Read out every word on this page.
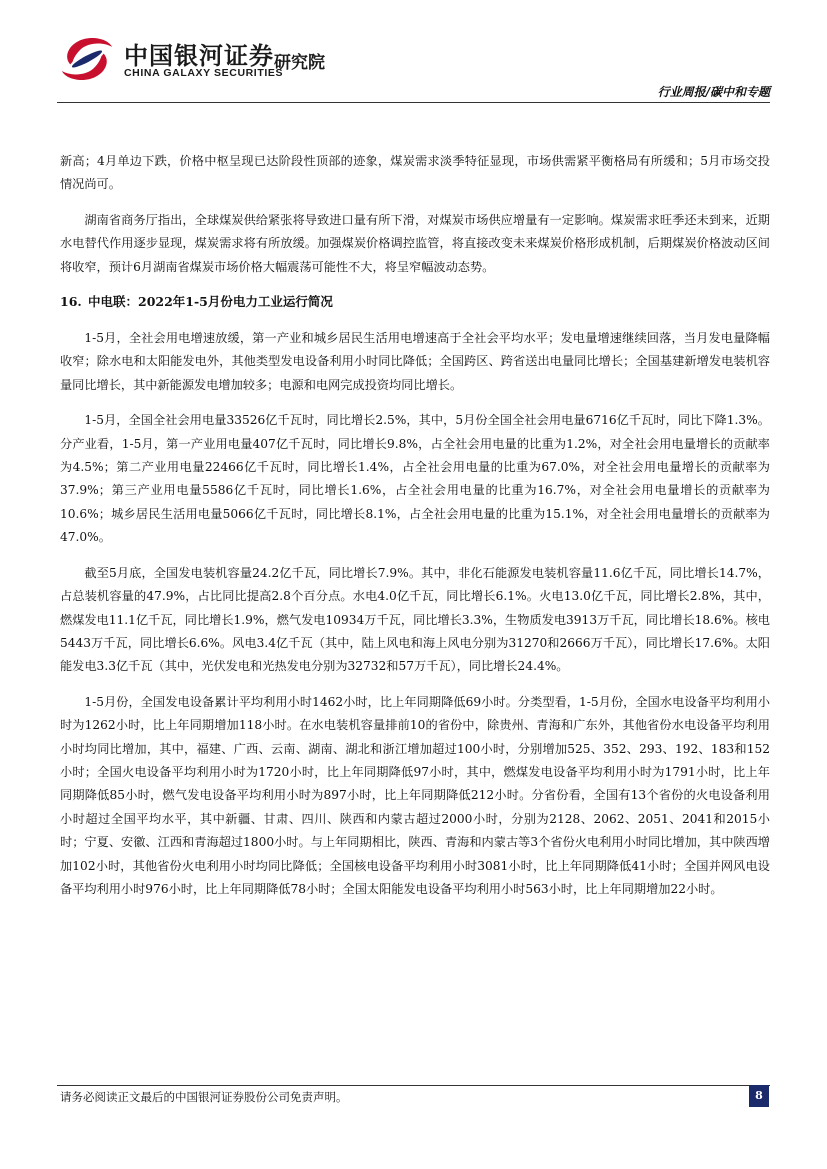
中国银河证券 研究院
CHINA GALAXY SECURITIES
行业周报/碳中和专题

新高；4月单边下跌，价格中枢呈现已达阶段性顶部的迹象，煤炭需求淡季特征显现，市场供需紧平衡格局有所缓和；5月市场交投情况尚可。

湖南省商务厅指出，全球煤炭供给紧张将导致进口量有所下滑，对煤炭市场供应增量有一定影响。煤炭需求旺季还未到来，近期水电替代作用逐步显现，煤炭需求将有所放缓。加强煤炭价格调控监管，将直接改变未来煤炭价格形成机制，后期煤炭价格波动区间将收窄，预计6月湖南省煤炭市场价格大幅震荡可能性不大，将呈窄幅波动态势。

16. 中电联：2022年1-5月份电力工业运行简况

1-5月，全社会用电增速放缓，第一产业和城乡居民生活用电增速高于全社会平均水平；发电量增速继续回落，当月发电量降幅收窄；除水电和太阳能发电外，其他类型发电设备利用小时同比降低；全国跨区、跨省送出电量同比增长；全国基建新增发电装机容量同比增长，其中新能源发电增加较多；电源和电网完成投资均同比增长。

1-5月，全国全社会用电量33526亿千瓦时，同比增长2.5%，其中，5月份全国全社会用电量6716亿千瓦时，同比下降1.3%。分产业看，1-5月，第一产业用电量407亿千瓦时，同比增长9.8%，占全社会用电量的比重为1.2%，对全社会用电量增长的贡献率为4.5%；第二产业用电量22466亿千瓦时，同比增长1.4%，占全社会用电量的比重为67.0%，对全社会用电量增长的贡献率为37.9%；第三产业用电量5586亿千瓦时，同比增长1.6%，占全社会用电量的比重为16.7%，对全社会用电量增长的贡献率为10.6%；城乡居民生活用电量5066亿千瓦时，同比增长8.1%，占全社会用电量的比重为15.1%，对全社会用电量增长的贡献率为47.0%。

截至5月底，全国发电装机容量24.2亿千瓦，同比增长7.9%。其中，非化石能源发电装机容量11.6亿千瓦，同比增长14.7%，占总装机容量的47.9%，占比同比提高2.8个百分点。水电4.0亿千瓦，同比增长6.1%。火电13.0亿千瓦，同比增长2.8%，其中，燃煤发电11.1亿千瓦，同比增长1.9%，燃气发电10934万千瓦，同比增长3.3%，生物质发电3913万千瓦，同比增长18.6%。核电5443万千瓦，同比增长6.6%。风电3.4亿千瓦（其中，陆上风电和海上风电分别为31270和2666万千瓦），同比增长17.6%。太阳能发电3.3亿千瓦（其中，光伏发电和光热发电分别为32732和57万千瓦），同比增长24.4%。

1-5月份，全国发电设备累计平均利用小时1462小时，比上年同期降低69小时。分类型看，1-5月份，全国水电设备平均利用小时为1262小时，比上年同期增加118小时。在水电装机容量排前10的省份中，除贵州、青海和广东外，其他省份水电设备平均利用小时均同比增加，其中，福建、广西、云南、湖南、湖北和浙江增加超过100小时，分别增加525、352、293、192、183和152小时；全国火电设备平均利用小时为1720小时，比上年同期降低97小时，其中，燃煤发电设备平均利用小时为1791小时，比上年同期降低85小时，燃气发电设备平均利用小时为897小时，比上年同期降低212小时。分省份看，全国有13个省份的火电设备利用小时超过全国平均水平，其中新疆、甘肃、四川、陕西和内蒙古超过2000小时，分别为2128、2062、2051、2041和2015小时；宁夏、安徽、江西和青海超过1800小时。与上年同期相比，陕西、青海和内蒙古等3个省份火电利用小时同比增加，其中陕西增加102小时，其他省份火电利用小时均同比降低；全国核电设备平均利用小时3081小时，比上年同期降低41小时；全国并网风电设备平均利用小时976小时，比上年同期降低78小时；全国太阳能发电设备平均利用小时563小时，比上年同期增加22小时。

请务必阅读正文最后的中国银河证券股份公司免责声明。	8
